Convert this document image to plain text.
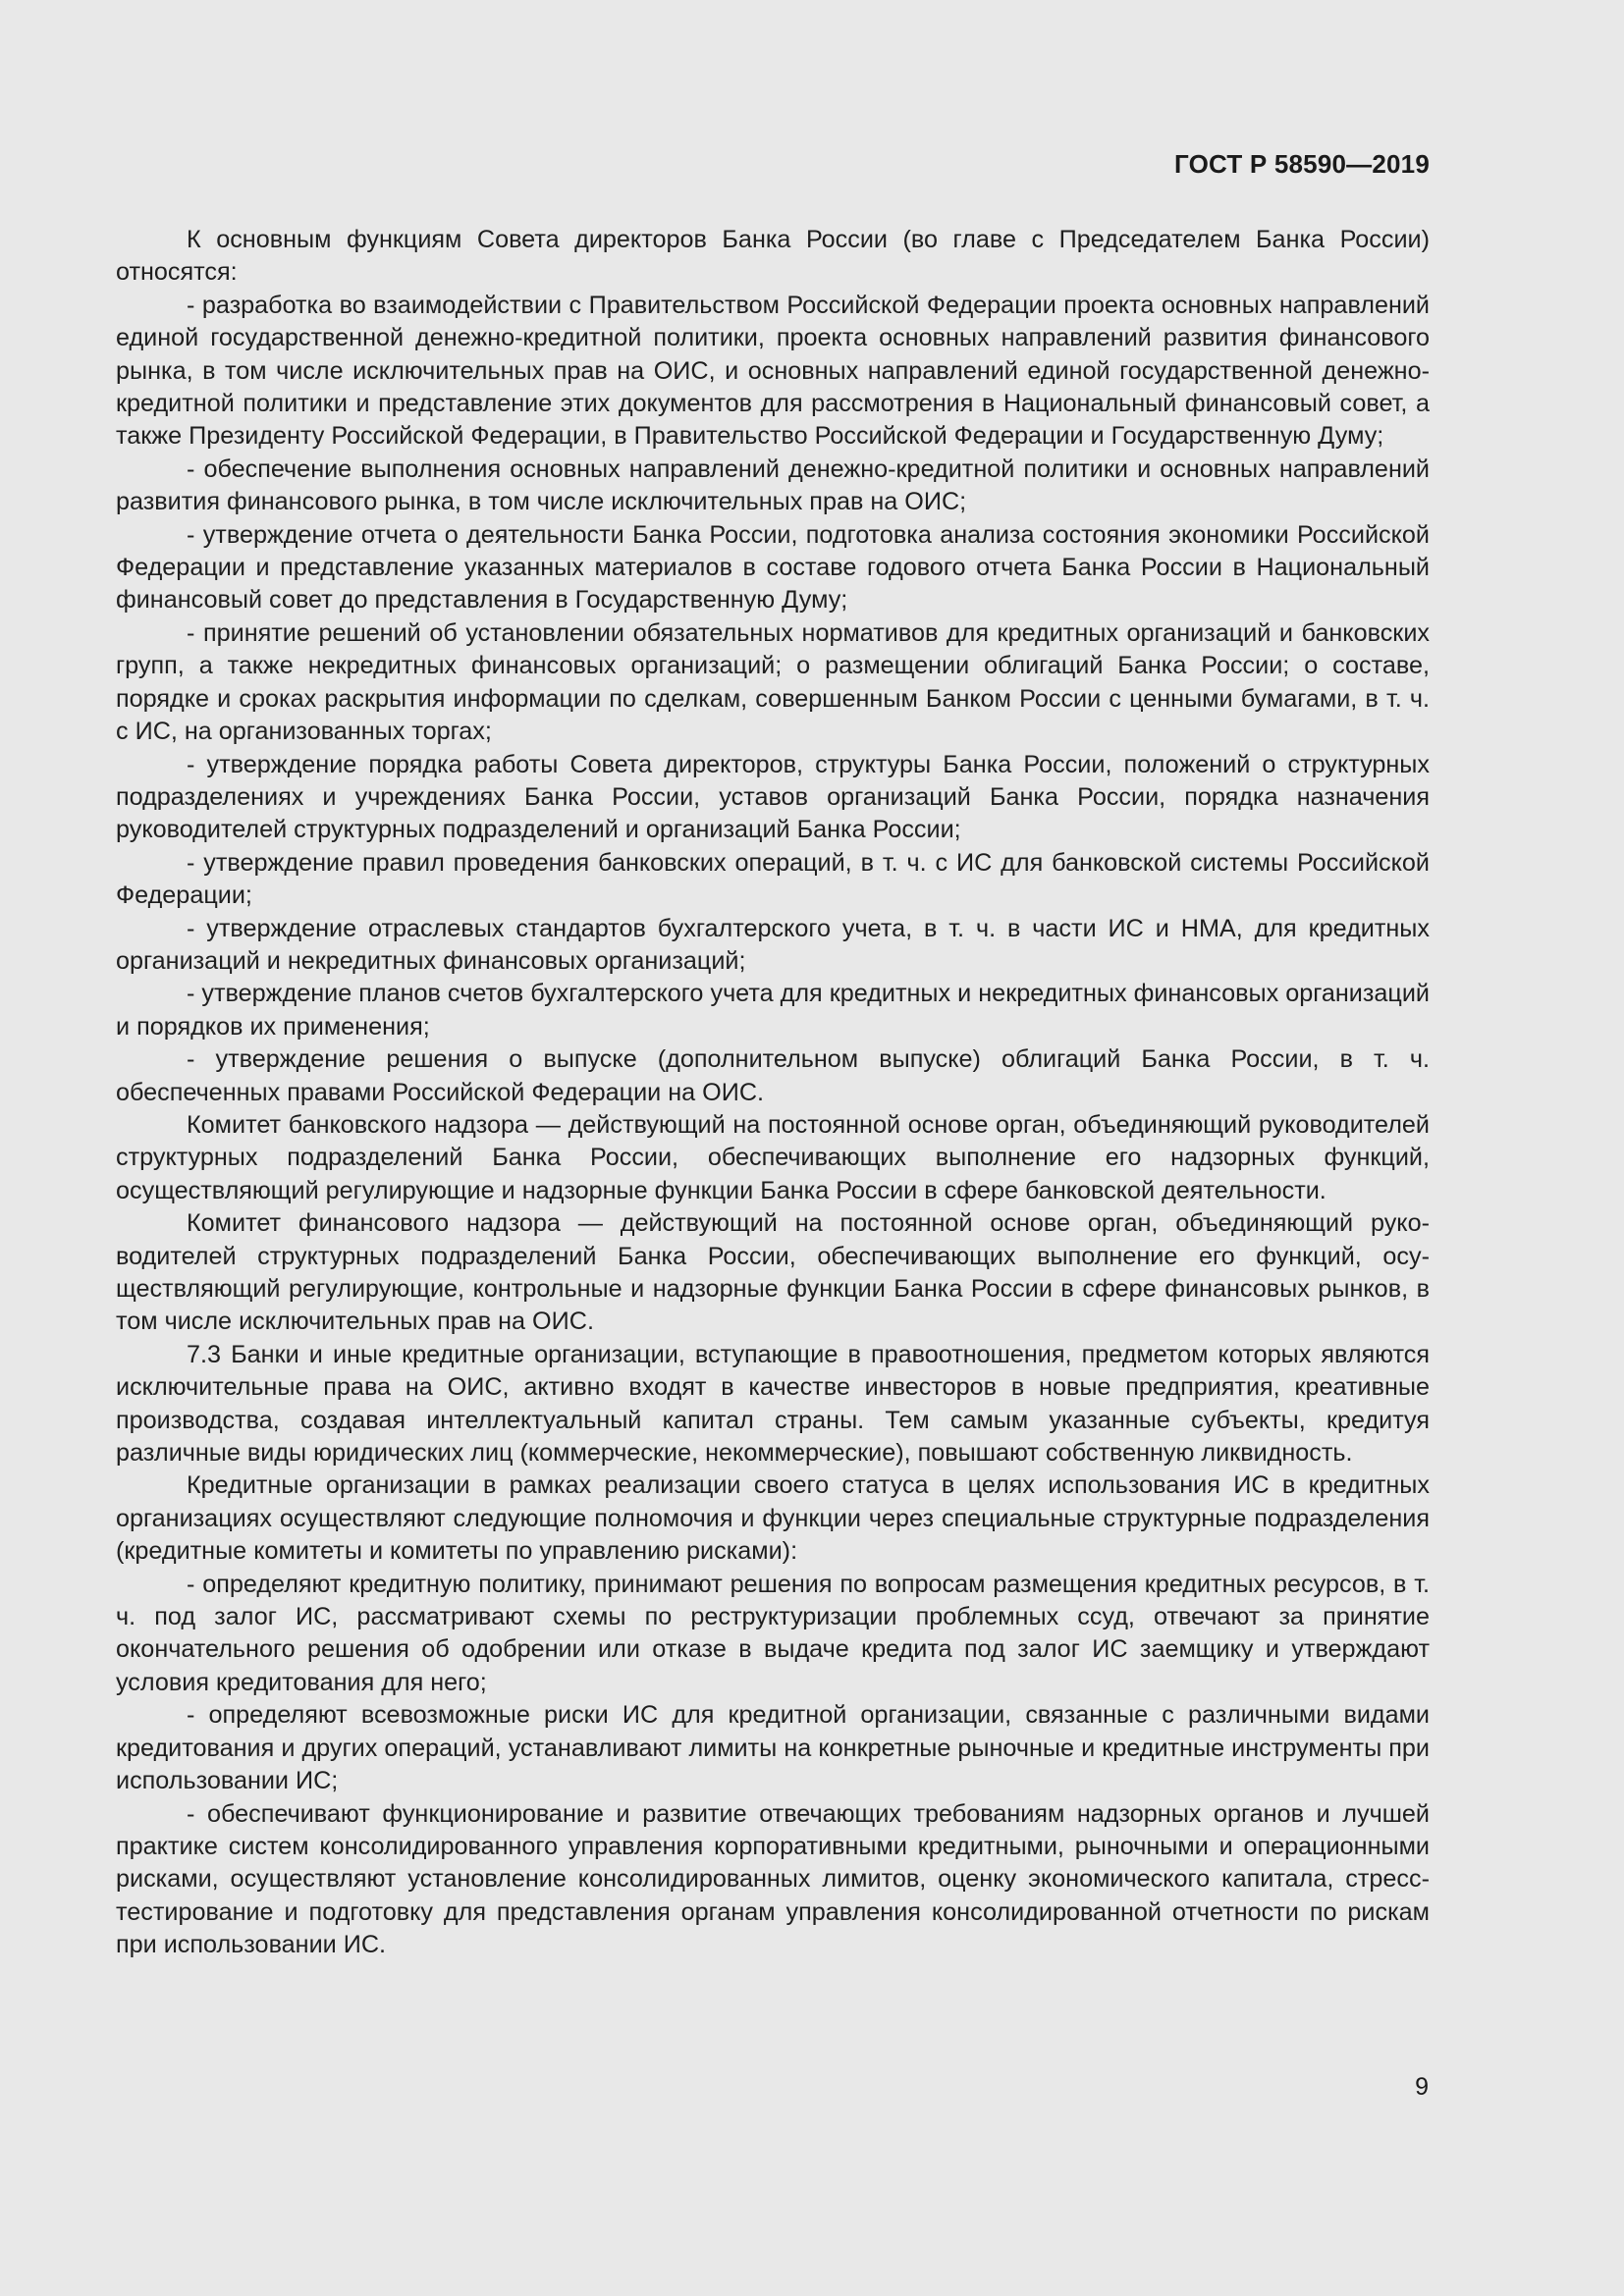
ГОСТ Р 58590—2019

К основным функциям Совета директоров Банка России (во главе с Председателем Банка России) относятся:

- разработка во взаимодействии с Правительством Российской Федерации проекта основных направлений единой государственной денежно-кредитной политики, проекта основных направлений развития финансового рынка, в том числе исключительных прав на ОИС, и основных направлений единой государственной денежно-кредитной политики и представление этих документов для рассмотрения в Национальный финансовый совет, а также Президенту Российской Федерации, в Правительство Российской Федерации и Государственную Думу;

- обеспечение выполнения основных направлений денежно-кредитной политики и основных направлений развития финансового рынка, в том числе исключительных прав на ОИС;

- утверждение отчета о деятельности Банка России, подготовка анализа состояния экономики Российской Федерации и представление указанных материалов в составе годового отчета Банка России в Национальный финансовый совет до представления в Государственную Думу;

- принятие решений об установлении обязательных нормативов для кредитных организаций и банковских групп, а также некредитных финансовых организаций; о размещении облигаций Банка России; о составе, порядке и сроках раскрытия информации по сделкам, совершенным Банком России с ценными бумагами, в т. ч. с ИС, на организованных торгах;

- утверждение порядка работы Совета директоров, структуры Банка России, положений о структурных подразделениях и учреждениях Банка России, уставов организаций Банка России, порядка назначения руководителей структурных подразделений и организаций Банка России;

- утверждение правил проведения банковских операций, в т. ч. с ИС для банковской системы Российской Федерации;

- утверждение отраслевых стандартов бухгалтерского учета, в т. ч. в части ИС и НМА, для кредитных организаций и некредитных финансовых организаций;

- утверждение планов счетов бухгалтерского учета для кредитных и некредитных финансовых организаций и порядков их применения;

- утверждение решения о выпуске (дополнительном выпуске) облигаций Банка России, в т. ч. обеспеченных правами Российской Федерации на ОИС.

Комитет банковского надзора — действующий на постоянной основе орган, объединяющий руководителей структурных подразделений Банка России, обеспечивающих выполнение его надзорных функций, осуществляющий регулирующие и надзорные функции Банка России в сфере банковской деятельности.

Комитет финансового надзора — действующий на постоянной основе орган, объединяющий руководителей структурных подразделений Банка России, обеспечивающих выполнение его функций, осуществляющий регулирующие, контрольные и надзорные функции Банка России в сфере финансовых рынков, в том числе исключительных прав на ОИС.

7.3 Банки и иные кредитные организации, вступающие в правоотношения, предметом которых являются исключительные права на ОИС, активно входят в качестве инвесторов в новые предприятия, креативные производства, создавая интеллектуальный капитал страны. Тем самым указанные субъекты, кредитуя различные виды юридических лиц (коммерческие, некоммерческие), повышают собственную ликвидность.

Кредитные организации в рамках реализации своего статуса в целях использования ИС в кредитных организациях осуществляют следующие полномочия и функции через специальные структурные подразделения (кредитные комитеты и комитеты по управлению рисками):

- определяют кредитную политику, принимают решения по вопросам размещения кредитных ресурсов, в т. ч. под залог ИС, рассматривают схемы по реструктуризации проблемных ссуд, отвечают за принятие окончательного решения об одобрении или отказе в выдаче кредита под залог ИС заемщику и утверждают условия кредитования для него;

- определяют всевозможные риски ИС для кредитной организации, связанные с различными видами кредитования и других операций, устанавливают лимиты на конкретные рыночные и кредитные инструменты при использовании ИС;

- обеспечивают функционирование и развитие отвечающих требованиям надзорных органов и лучшей практике систем консолидированного управления корпоративными кредитными, рыночными и операционными рисками, осуществляют установление консолидированных лимитов, оценку экономического капитала, стресс-тестирование и подготовку для представления органам управления консолидированной отчетности по рискам при использовании ИС.

9
